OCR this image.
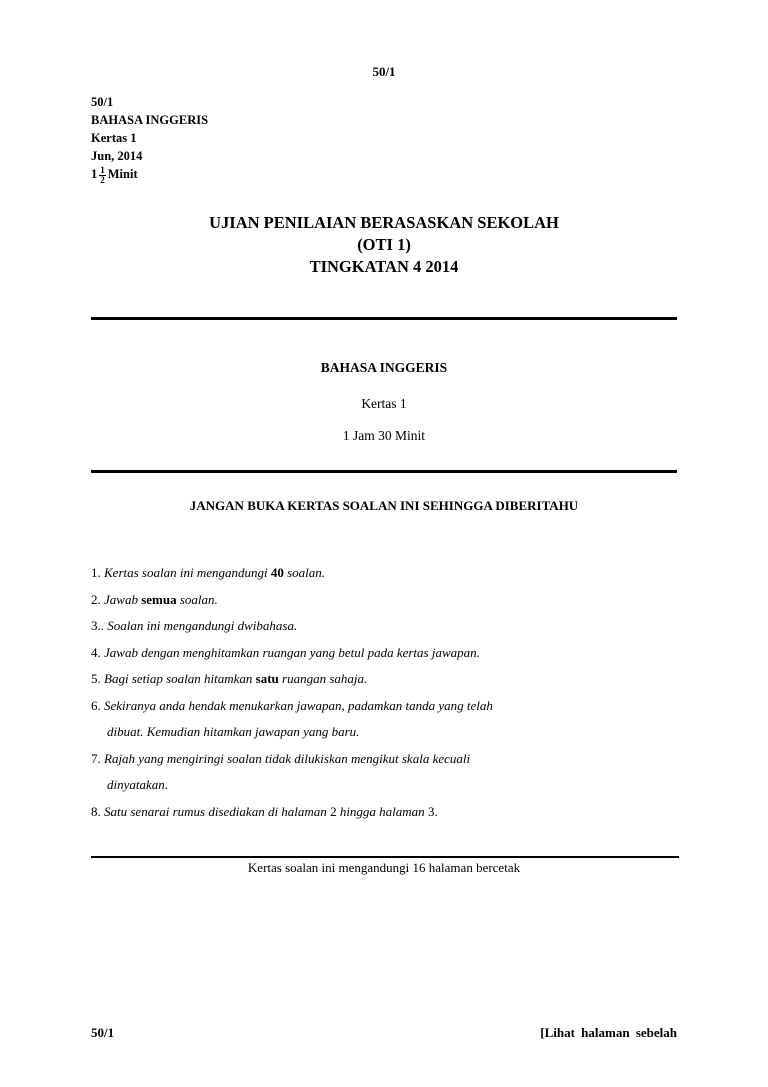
50/1
50/1
BAHASA INGGERIS
Kertas 1
Jun, 2014
$1 \frac{1}{2}$ Minit
UJIAN PENILAIAN BERASASKAN SEKOLAH
(OTI 1)
TINGKATAN 4 2014
BAHASA INGGERIS
Kertas 1
1 Jam 30 Minit
JANGAN BUKA KERTAS SOALAN INI SEHINGGA DIBERITAHU
1. Kertas soalan ini mengandungi 40 soalan.
2. Jawab semua soalan.
3.. Soalan ini mengandungi dwibahasa.
4. Jawab dengan menghitamkan ruangan yang betul pada kertas jawapan.
5. Bagi setiap soalan hitamkan satu ruangan sahaja.
6. Sekiranya anda hendak menukarkan jawapan, padamkan tanda yang telah
dibuat. Kemudian hitamkan jawapan yang baru.
7. Rajah yang mengiringi soalan tidak dilukiskan mengikut skala kecuali
dinyatakan.
8. Satu senarai rumus disediakan di halaman 2 hingga halaman 3.
Kertas soalan ini mengandungi 16 halaman bercetak
50/1	[Lihat halaman sebelah
